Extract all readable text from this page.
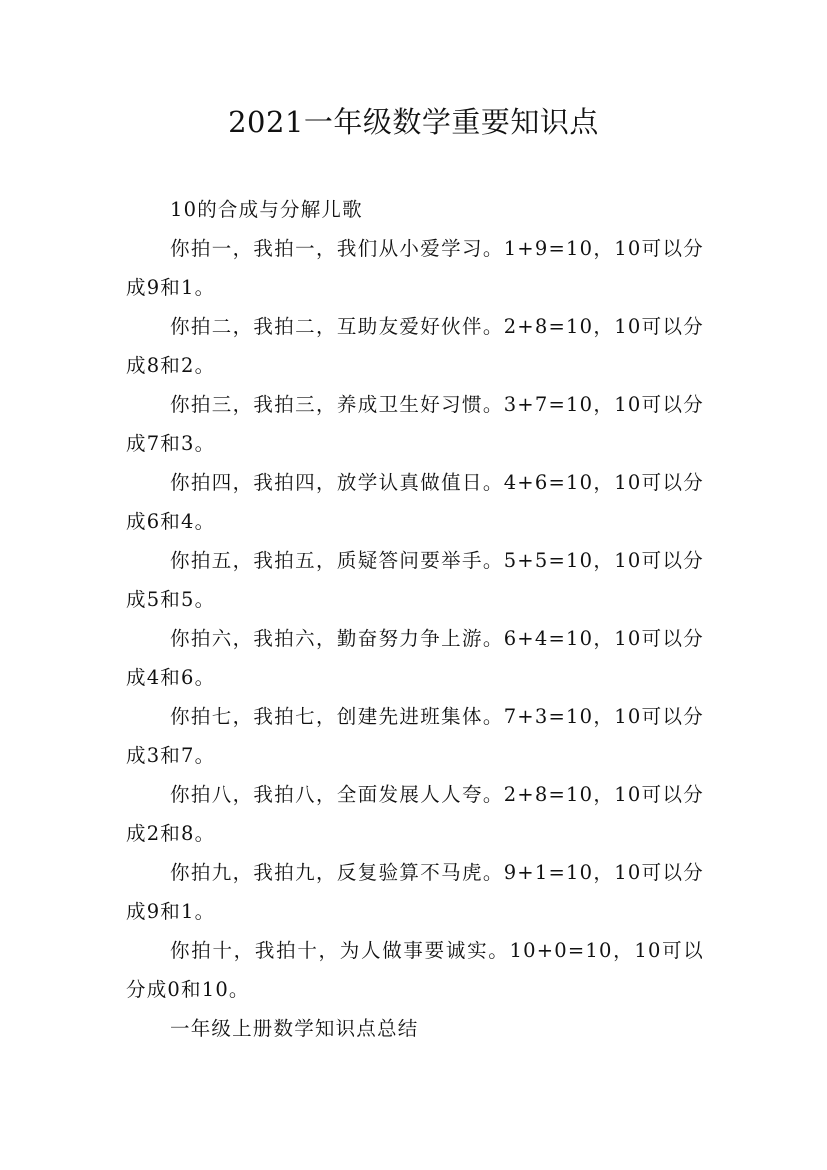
2021一年级数学重要知识点

10的合成与分解儿歌

你拍一，我拍一，我们从小爱学习。1+9=10，10可以分成9和1。

你拍二，我拍二，互助友爱好伙伴。2+8=10，10可以分成8和2。

你拍三，我拍三，养成卫生好习惯。3+7=10，10可以分成7和3。

你拍四，我拍四，放学认真做值日。4+6=10，10可以分成6和4。

你拍五，我拍五，质疑答问要举手。5+5=10，10可以分成5和5。

你拍六，我拍六，勤奋努力争上游。6+4=10，10可以分成4和6。

你拍七，我拍七，创建先进班集体。7+3=10，10可以分成3和7。

你拍八，我拍八，全面发展人人夸。2+8=10，10可以分成2和8。

你拍九，我拍九，反复验算不马虎。9+1=10，10可以分成9和1。

你拍十，我拍十，为人做事要诚实。10+0=10，10可以分成0和10。

一年级上册数学知识点总结
